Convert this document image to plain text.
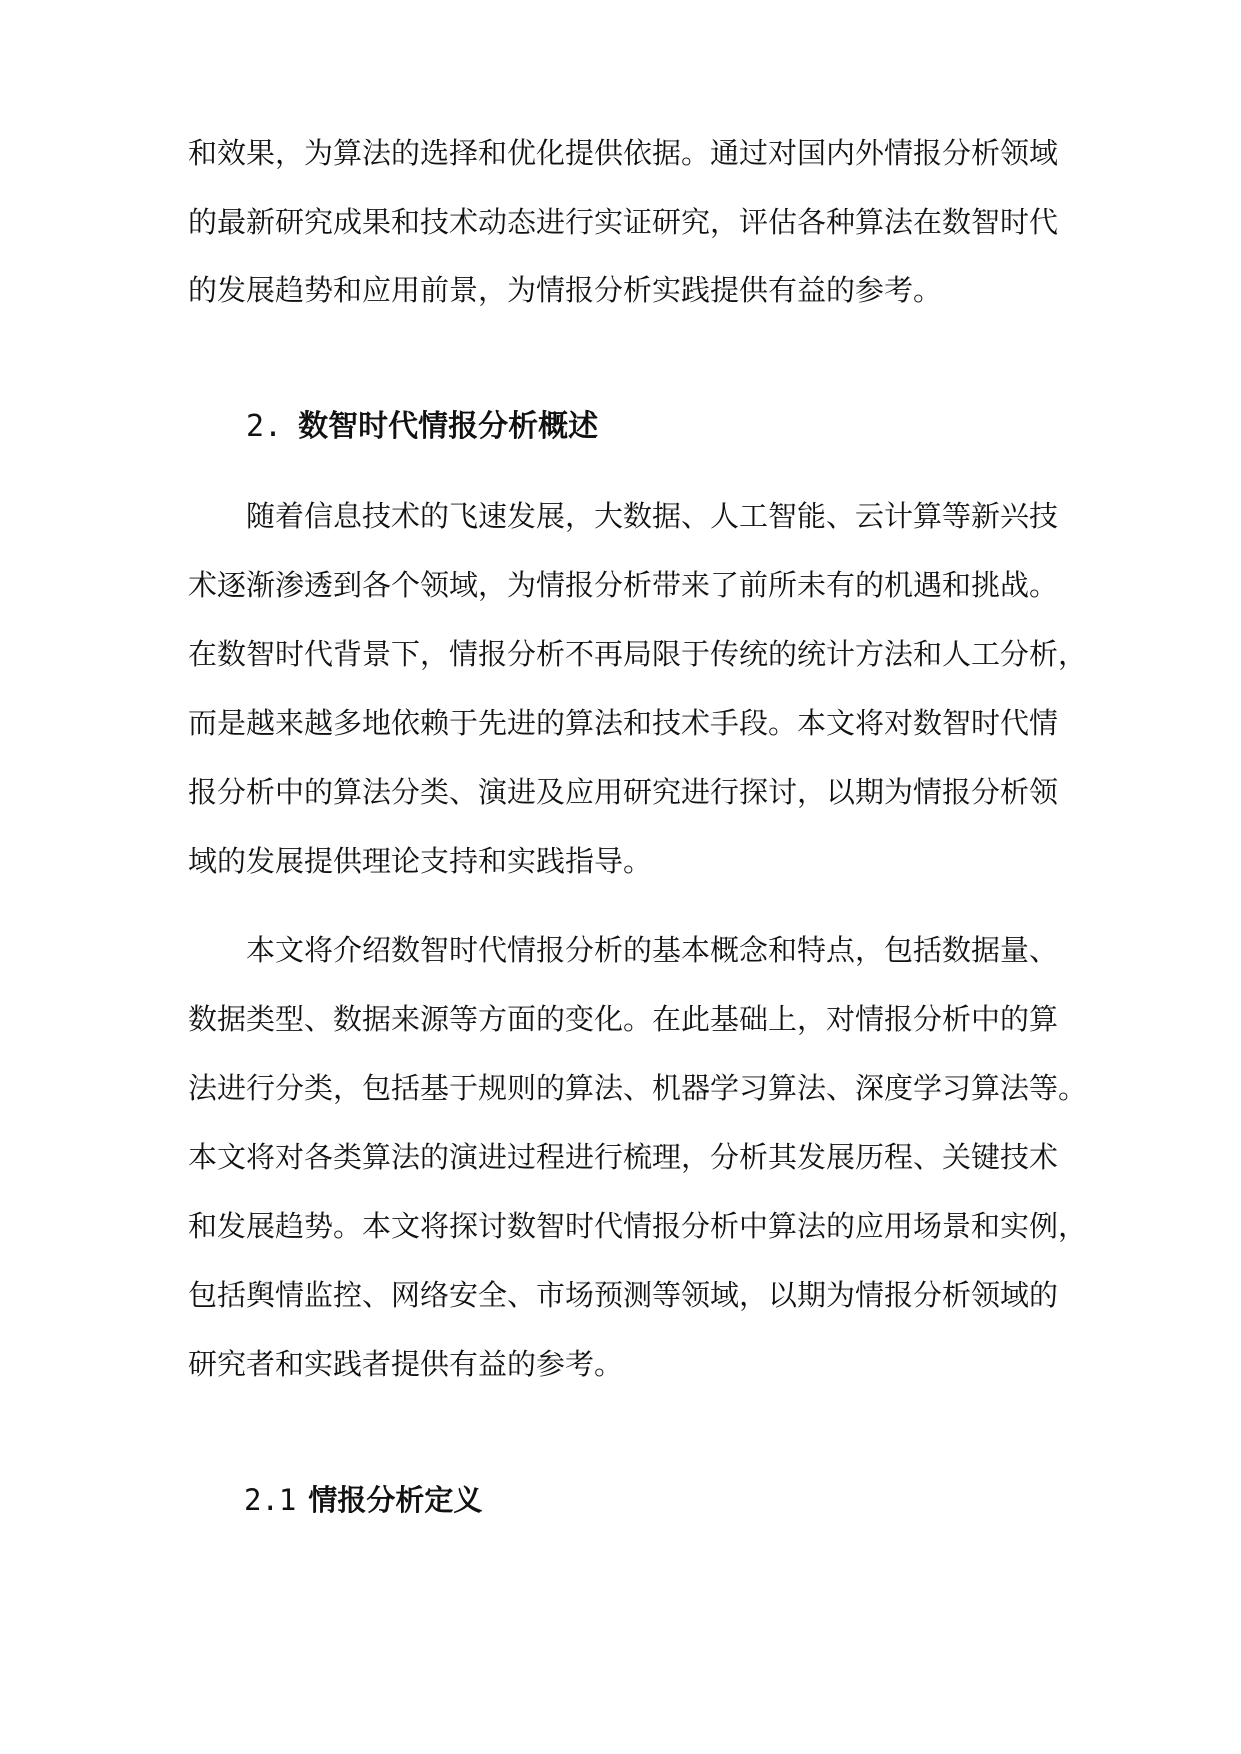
和效果，为算法的选择和优化提供依据。通过对国内外情报分析领域
的最新研究成果和技术动态进行实证研究，评估各种算法在数智时代
的发展趋势和应用前景，为情报分析实践提供有益的参考。
2. 数智时代情报分析概述
随着信息技术的飞速发展，大数据、人工智能、云计算等新兴技
术逐渐渗透到各个领域，为情报分析带来了前所未有的机遇和挑战。
在数智时代背景下，情报分析不再局限于传统的统计方法和人工分析，
而是越来越多地依赖于先进的算法和技术手段。本文将对数智时代情
报分析中的算法分类、演进及应用研究进行探讨，以期为情报分析领
域的发展提供理论支持和实践指导。
本文将介绍数智时代情报分析的基本概念和特点，包括数据量、
数据类型、数据来源等方面的变化。在此基础上，对情报分析中的算
法进行分类，包括基于规则的算法、机器学习算法、深度学习算法等。
本文将对各类算法的演进过程进行梳理，分析其发展历程、关键技术
和发展趋势。本文将探讨数智时代情报分析中算法的应用场景和实例，
包括舆情监控、网络安全、市场预测等领域，以期为情报分析领域的
研究者和实践者提供有益的参考。
2.1 情报分析定义
